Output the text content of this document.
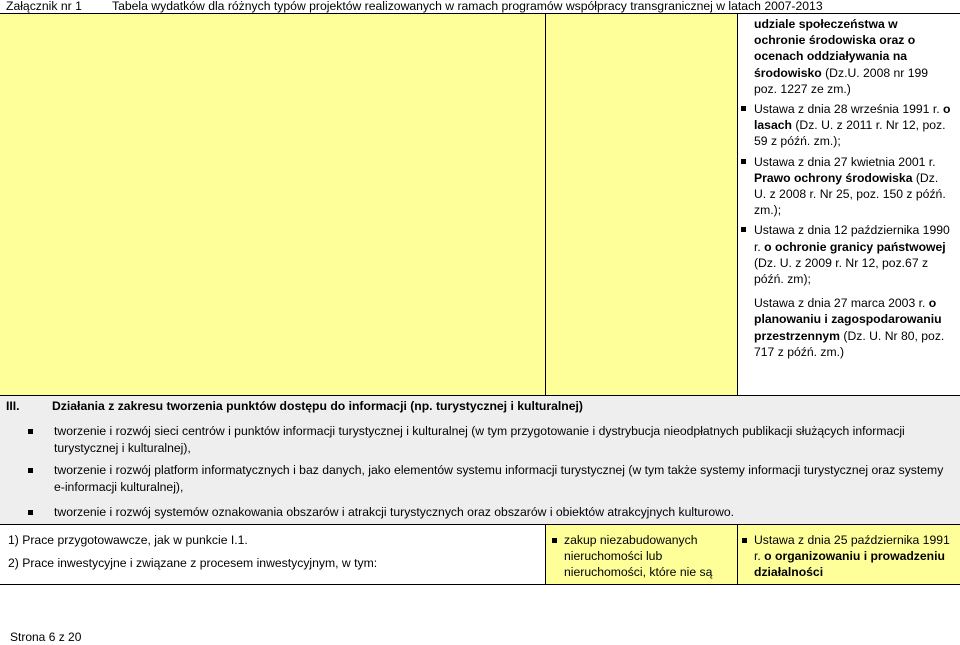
Załącznik nr 1 Tabela wydatków dla różnych typów projektów realizowanych w ramach programów współpracy transgranicznej w latach 2007-2013
udziale społeczeństwa w ochronie środowiska oraz o ocenach oddziaływania na środowisko (Dz.U. 2008 nr 199 poz. 1227 ze zm.)
Ustawa z dnia 28 września 1991 r. o lasach (Dz. U. z 2011 r. Nr 12, poz. 59 z późń. zm.);
Ustawa z dnia 27 kwietnia 2001 r. Prawo ochrony środowiska (Dz. U. z 2008 r. Nr 25, poz. 150 z późń. zm.);
Ustawa z dnia 12 października 1990 r. o ochronie granicy państwowej (Dz. U. z 2009 r. Nr 12, poz.67 z późń. zm);
Ustawa z dnia 27 marca 2003 r. o planowaniu i zagospodarowaniu przestrzennym (Dz. U. Nr 80, poz. 717 z późń. zm.)
III.	Działania z zakresu tworzenia punktów dostępu do informacji (np. turystycznej i kulturalnej)
tworzenie i rozwój sieci centrów i punktów informacji turystycznej i kulturalnej (w tym przygotowanie i dystrybucja nieodpłatnych publikacji służących informacji turystycznej i kulturalnej),
tworzenie i rozwój platform informatycznych i baz danych, jako elementów systemu informacji turystycznej (w tym także systemy informacji turystycznej oraz systemy e-informacji kulturalnej),
tworzenie i rozwój systemów oznakowania obszarów i atrakcji turystycznych oraz obszarów i obiektów atrakcyjnych kulturowo.
1) Prace przygotowawcze, jak w punkcie I.1.
2) Prace inwestycyjne i związane z procesem inwestycyjnym, w tym:
zakup niezabudowanych nieruchomości lub nieruchomości, które nie są
Ustawa z dnia 25 października 1991 r. o organizowaniu i prowadzeniu działalności
Strona 6 z 20
